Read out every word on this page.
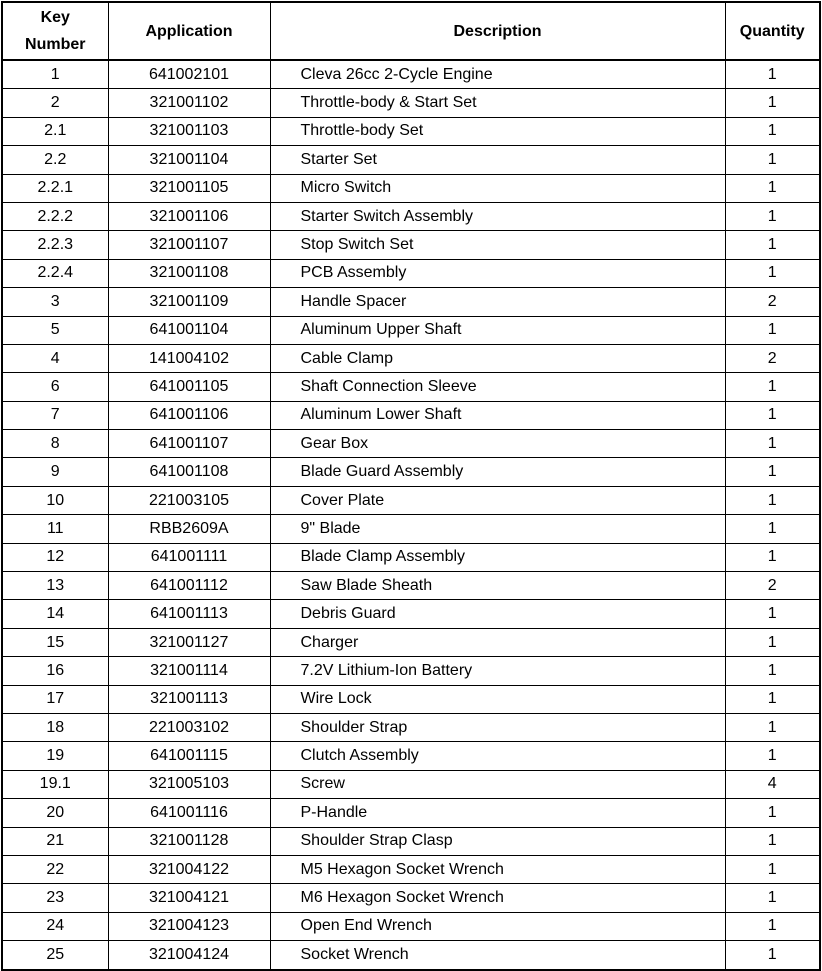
Key
Number	Application	Description	Quantity
1	641002101	Cleva 26cc 2-Cycle Engine	1
2	321001102	Throttle-body & Start Set	1
2.1	321001103	Throttle-body Set	1
2.2	321001104	Starter Set	1
2.2.1	321001105	Micro Switch	1
2.2.2	321001106	Starter Switch Assembly	1
2.2.3	321001107	Stop Switch Set	1
2.2.4	321001108	PCB Assembly	1
3	321001109	Handle Spacer	2
5	641001104	Aluminum Upper Shaft	1
4	141004102	Cable Clamp	2
6	641001105	Shaft Connection Sleeve	1
7	641001106	Aluminum Lower Shaft	1
8	641001107	Gear Box	1
9	641001108	Blade Guard Assembly	1
10	221003105	Cover Plate	1
11	RBB2609A	9" Blade	1
12	641001111	Blade Clamp Assembly	1
13	641001112	Saw Blade Sheath	2
14	641001113	Debris Guard	1
15	321001127	Charger	1
16	321001114	7.2V Lithium-Ion Battery	1
17	321001113	Wire Lock	1
18	221003102	Shoulder Strap	1
19	641001115	Clutch Assembly	1
19.1	321005103	Screw	4
20	641001116	P-Handle	1
21	321001128	Shoulder Strap Clasp	1
22	321004122	M5 Hexagon Socket Wrench	1
23	321004121	M6 Hexagon Socket Wrench	1
24	321004123	Open End Wrench	1
25	321004124	Socket Wrench	1
